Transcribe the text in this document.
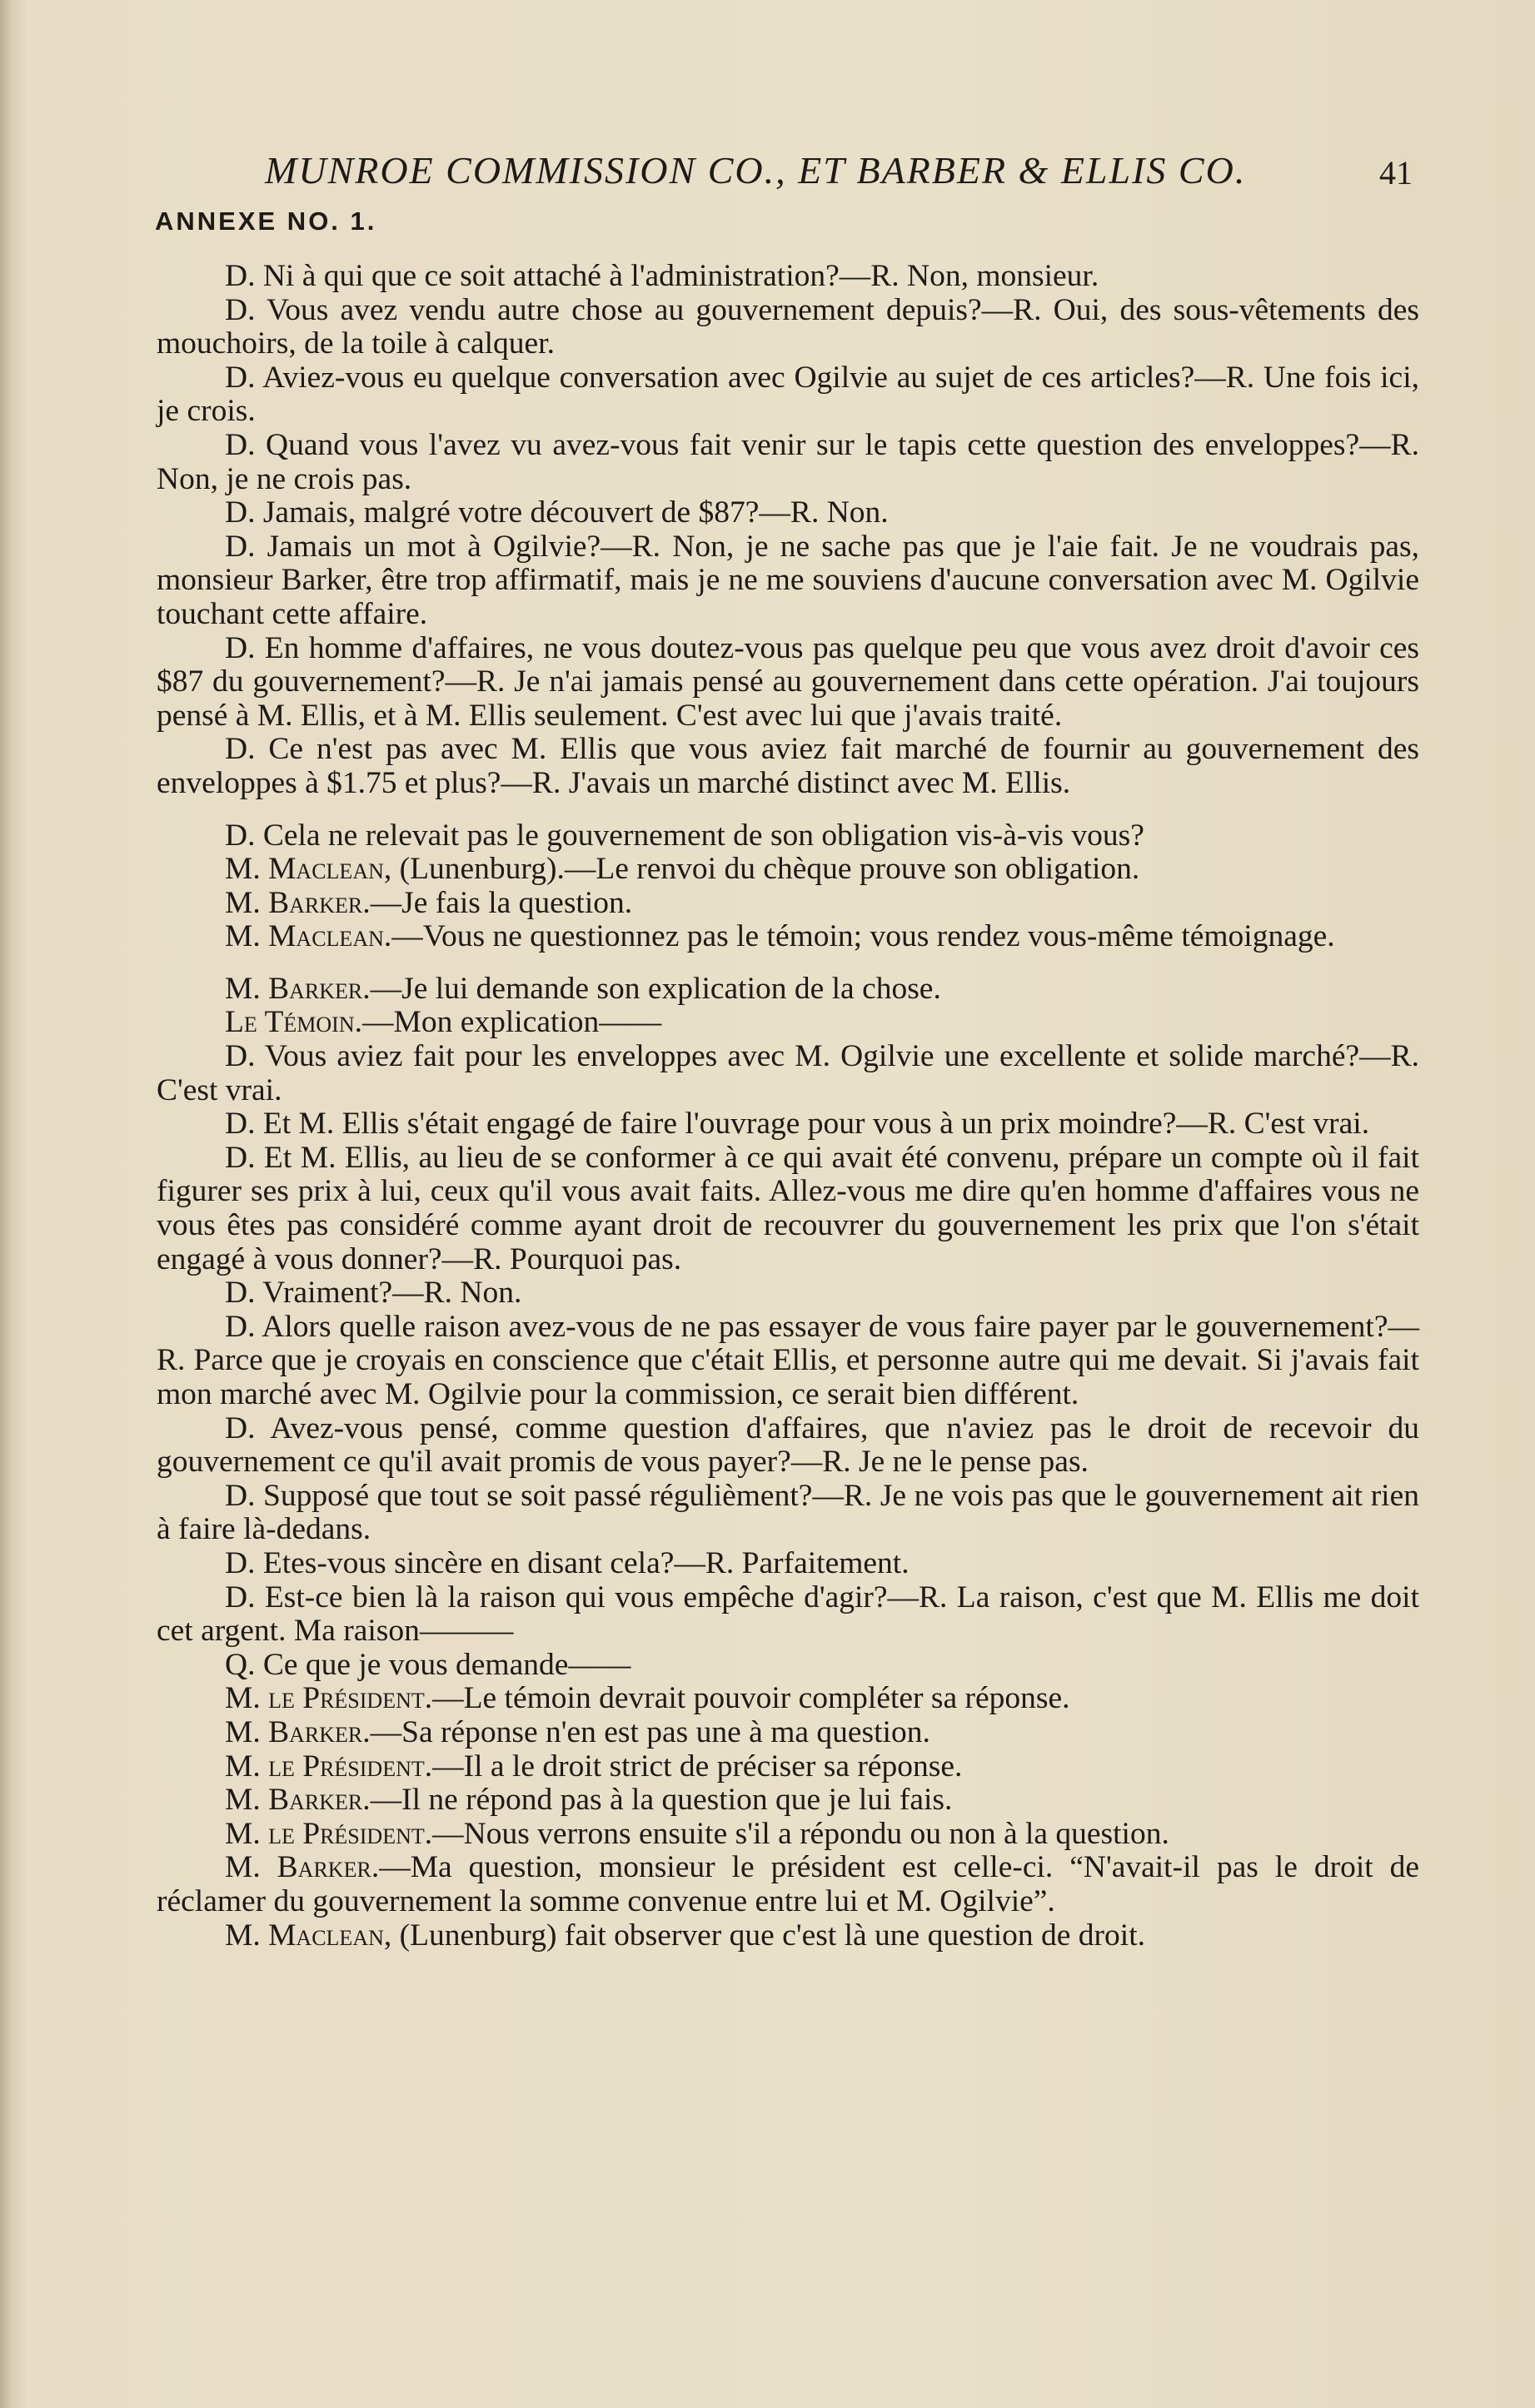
MUNROE COMMISSION CO., ET BARBER & ELLIS CO.	41
ANNEXE NO. 1.

D. Ni à qui que ce soit attaché à l'administration?—R. Non, monsieur.

D. Vous avez vendu autre chose au gouvernement depuis?—R. Oui, des sous-vêtements des mouchoirs, de la toile à calquer.

D. Aviez-vous eu quelque conversation avec Ogilvie au sujet de ces articles?—R. Une fois ici, je crois.

D. Quand vous l'avez vu avez-vous fait venir sur le tapis cette question des enveloppes?—R. Non, je ne crois pas.

D. Jamais, malgré votre découvert de $87?—R. Non.

D. Jamais un mot à Ogilvie?—R. Non, je ne sache pas que je l'aie fait. Je ne voudrais pas, monsieur Barker, être trop affirmatif, mais je ne me souviens d'aucune conversation avec M. Ogilvie touchant cette affaire.

D. En homme d'affaires, ne vous doutez-vous pas quelque peu que vous avez droit d'avoir ces $87 du gouvernement?—R. Je n'ai jamais pensé au gouvernement dans cette opération. J'ai toujours pensé à M. Ellis, et à M. Ellis seulement. C'est avec lui que j'avais traité.

D. Ce n'est pas avec M. Ellis que vous aviez fait marché de fournir au gouvernement des enveloppes à $1.75 et plus?—R. J'avais un marché distinct avec M. Ellis.

D. Cela ne relevait pas le gouvernement de son obligation vis-à-vis vous?

M. Maclean, (Lunenburg).—Le renvoi du chèque prouve son obligation.

M. Barker.—Je fais la question.

M. Maclean.—Vous ne questionnez pas le témoin; vous rendez vous-même témoignage.

M. Barker.—Je lui demande son explication de la chose.

Le Témoin.—Mon explication——

D. Vous aviez fait pour les enveloppes avec M. Ogilvie une excellente et solide marché?—R. C'est vrai.

D. Et M. Ellis s'était engagé de faire l'ouvrage pour vous à un prix moindre?—R. C'est vrai.

D. Et M. Ellis, au lieu de se conformer à ce qui avait été convenu, prépare un compte où il fait figurer ses prix à lui, ceux qu'il vous avait faits. Allez-vous me dire qu'en homme d'affaires vous ne vous êtes pas considéré comme ayant droit de recouvrer du gouvernement les prix que l'on s'était engagé à vous donner?—R. Pourquoi pas.

D. Vraiment?—R. Non.

D. Alors quelle raison avez-vous de ne pas essayer de vous faire payer par le gouvernement?—R. Parce que je croyais en conscience que c'était Ellis, et personne autre qui me devait. Si j'avais fait mon marché avec M. Ogilvie pour la commission, ce serait bien différent.

D. Avez-vous pensé, comme question d'affaires, que n'aviez pas le droit de recevoir du gouvernement ce qu'il avait promis de vous payer?—R. Je ne le pense pas.

D. Supposé que tout se soit passé régulièment?—R. Je ne vois pas que le gouvernement ait rien à faire là-dedans.

D. Etes-vous sincère en disant cela?—R. Parfaitement.

D. Est-ce bien là la raison qui vous empêche d'agir?—R. La raison, c'est que M. Ellis me doit cet argent. Ma raison———

Q. Ce que je vous demande——

M. le Président.—Le témoin devrait pouvoir compléter sa réponse.

M. Barker.—Sa réponse n'en est pas une à ma question.

M. le Président.—Il a le droit strict de préciser sa réponse.

M. Barker.—Il ne répond pas à la question que je lui fais.

M. le Président.—Nous verrons ensuite s'il a répondu ou non à la question.

M. Barker.—Ma question, monsieur le président est celle-ci. “N'avait-il pas le droit de réclamer du gouvernement la somme convenue entre lui et M. Ogilvie”.

M. Maclean, (Lunenburg) fait observer que c'est là une question de droit.
